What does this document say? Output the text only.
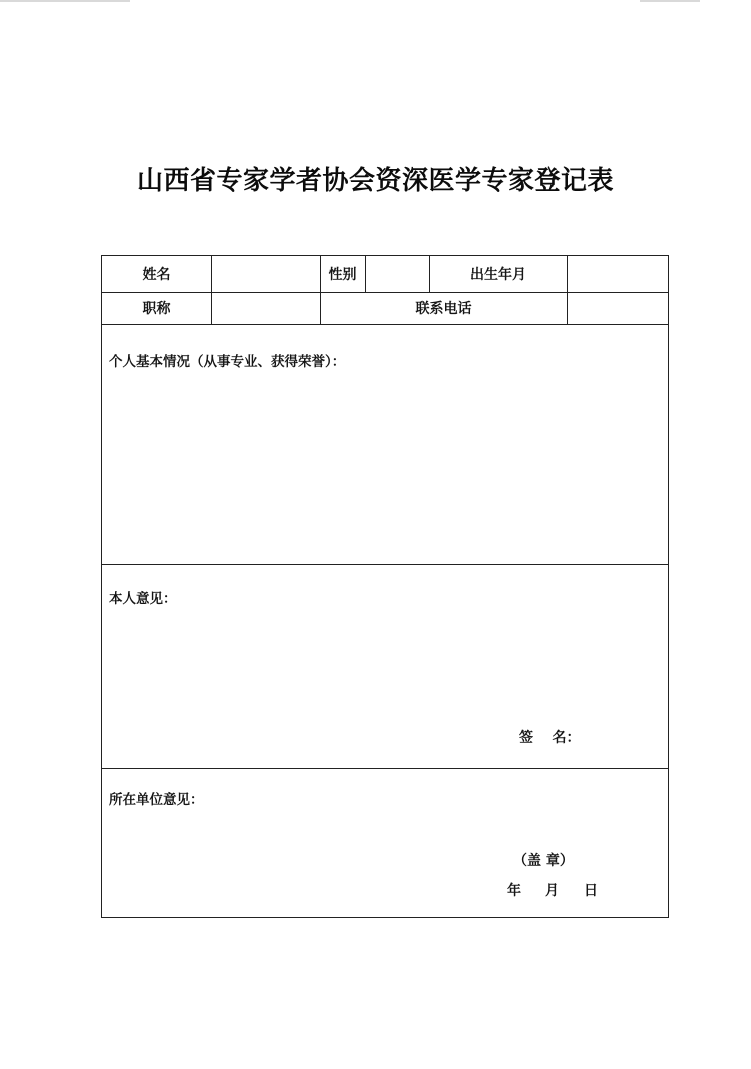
山西省专家学者协会资深医学专家登记表
姓名	性别	出生年月
职称	联系电话
个人基本情况（从事专业、获得荣誉）：
本人意见：
签    名：
所在单位意见：
（盖 章）
年 月 日
